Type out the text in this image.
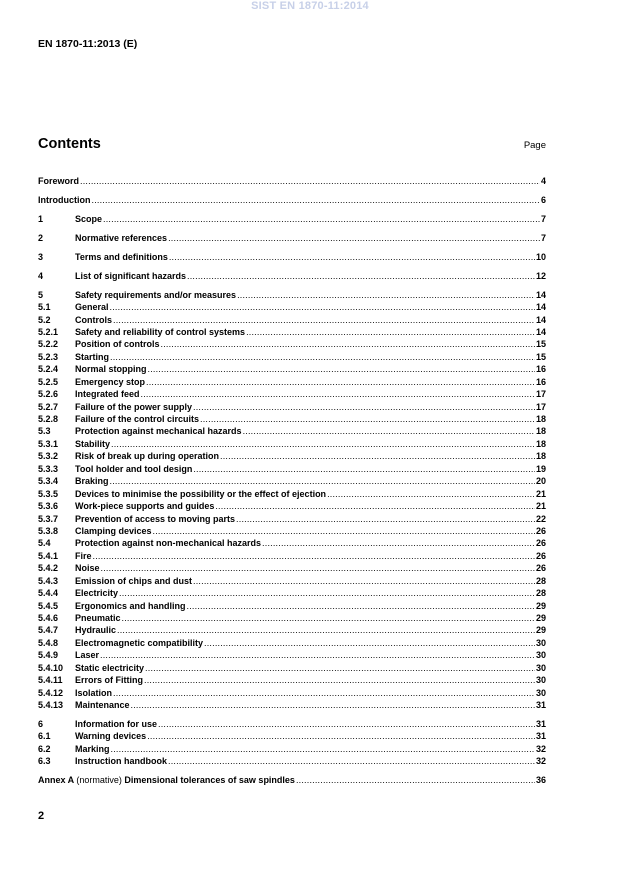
SIST EN 1870-11:2014
EN 1870-11:2013 (E)
Contents	Page
Foreword .....	4
Introduction .....	6
1	Scope .....	7
2	Normative references .....	7
3	Terms and definitions .....	10
4	List of significant hazards .....	12
5	Safety requirements and/or measures .....	14
5.1	General .....	14
5.2	Controls .....	14
5.2.1	Safety and reliability of control systems .....	14
5.2.2	Position of controls .....	15
5.2.3	Starting .....	15
5.2.4	Normal stopping .....	16
5.2.5	Emergency stop .....	16
5.2.6	Integrated feed .....	17
5.2.7	Failure of the power supply .....	17
5.2.8	Failure of the control circuits .....	18
5.3	Protection against mechanical hazards .....	18
5.3.1	Stability .....	18
5.3.2	Risk of break up during operation .....	18
5.3.3	Tool holder and tool design .....	19
5.3.4	Braking .....	20
5.3.5	Devices to minimise the possibility or the effect of ejection .....	21
5.3.6	Work-piece supports and guides .....	21
5.3.7	Prevention of access to moving parts .....	22
5.3.8	Clamping devices .....	26
5.4	Protection against non-mechanical hazards .....	26
5.4.1	Fire .....	26
5.4.2	Noise .....	26
5.4.3	Emission of chips and dust .....	28
5.4.4	Electricity .....	28
5.4.5	Ergonomics and handling .....	29
5.4.6	Pneumatic .....	29
5.4.7	Hydraulic .....	29
5.4.8	Electromagnetic compatibility .....	30
5.4.9	Laser .....	30
5.4.10	Static electricity .....	30
5.4.11	Errors of Fitting .....	30
5.4.12	Isolation .....	30
5.4.13	Maintenance .....	31
6	Information for use .....	31
6.1	Warning devices .....	31
6.2	Marking .....	32
6.3	Instruction handbook .....	32
Annex A (normative) Dimensional tolerances of saw spindles .....	36
2
